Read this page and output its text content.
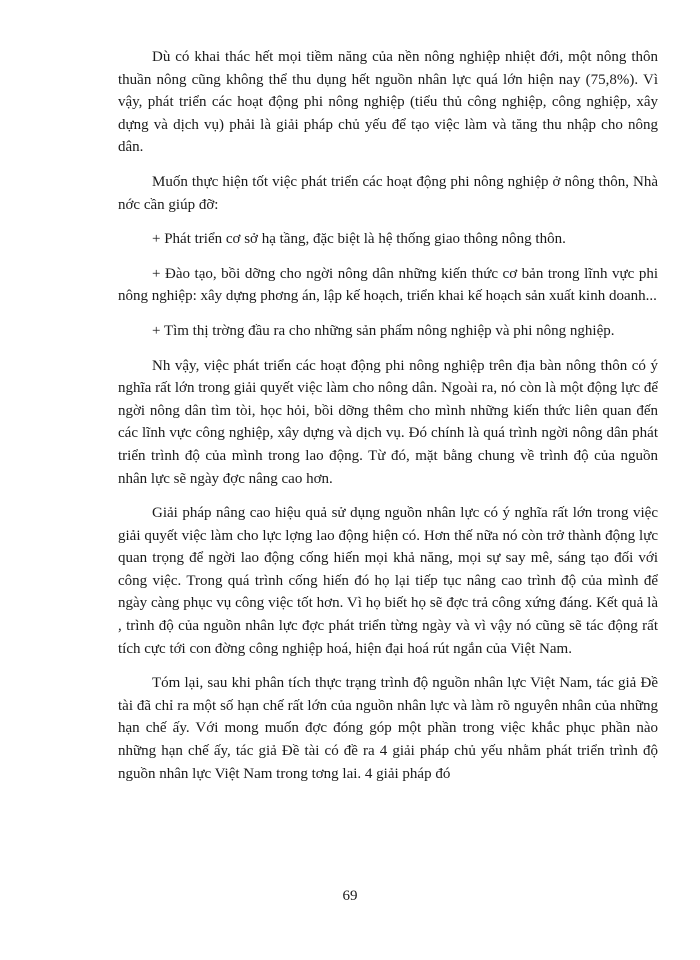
Dù có khai thác hết mọi tiềm năng của nền nông nghiệp nhiệt đới, một nông thôn thuần nông cũng không thể thu dụng hết nguồn nhân lực quá lớn hiện nay (75,8%). Vì vậy, phát triển các hoạt động phi nông nghiệp (tiểu thủ công nghiệp, công nghiệp, xây dựng và dịch vụ) phải là giải pháp chủ yếu để tạo việc làm và tăng thu nhập cho nông dân.

Muốn thực hiện tốt việc phát triển các hoạt động phi nông nghiệp ở nông thôn, Nhà nớc cần giúp đỡ:

+ Phát triển cơ sở hạ tầng, đặc biệt là hệ thống giao thông nông thôn.

+ Đào tạo, bồi dỡng cho ngời nông dân những kiến thức cơ bản trong lĩnh vực phi nông nghiệp: xây dựng phơng án, lập kế hoạch, triển khai kế hoạch sản xuất kinh doanh...

+ Tìm thị trờng đầu ra cho những sản phẩm nông nghiệp và phi nông nghiệp.

Nh vậy, việc phát triển các hoạt động phi nông nghiệp trên địa bàn nông thôn có ý nghĩa rất lớn trong giải quyết việc làm cho nông dân. Ngoài ra, nó còn là một động lực để ngời nông dân tìm tòi, học hỏi, bồi dỡng thêm cho mình những kiến thức liên quan đến các lĩnh vực công nghiệp, xây dựng và dịch vụ. Đó chính là quá trình ngời nông dân phát triển trình độ của mình trong lao động. Từ đó, mặt bằng chung về trình độ của nguồn nhân lực sẽ ngày đợc nâng cao hơn.

Giải pháp nâng cao hiệu quả sử dụng nguồn nhân lực có ý nghĩa rất lớn trong việc giải quyết việc làm cho lực lợng lao động hiện có. Hơn thế nữa nó còn trở thành động lực quan trọng để ngời lao động cống hiến mọi khả năng, mọi sự say mê, sáng tạo đối với công việc. Trong quá trình cống hiến đó họ lại tiếp tục nâng cao trình độ của mình để ngày càng phục vụ công việc tốt hơn. Vì họ biết họ sẽ đợc trả công xứng đáng. Kết quả là , trình độ của nguồn nhân lực đợc phát triển từng ngày và vì vậy nó cũng sẽ tác động rất tích cực tới con đờng công nghiệp hoá, hiện đại hoá rút ngắn của Việt Nam.

Tóm lại, sau khi phân tích thực trạng trình độ nguồn nhân lực Việt Nam, tác giả Đề tài đã chỉ ra một số hạn chế rất lớn của nguồn nhân lực và làm rõ nguyên nhân của những hạn chế ấy. Với mong muốn đợc đóng góp một phần trong việc khắc phục phần nào những hạn chế ấy, tác giả Đề tài có đề ra 4 giải pháp chủ yếu nhằm phát triển trình độ nguồn nhân lực Việt Nam trong tơng lai. 4 giải pháp đó

69
